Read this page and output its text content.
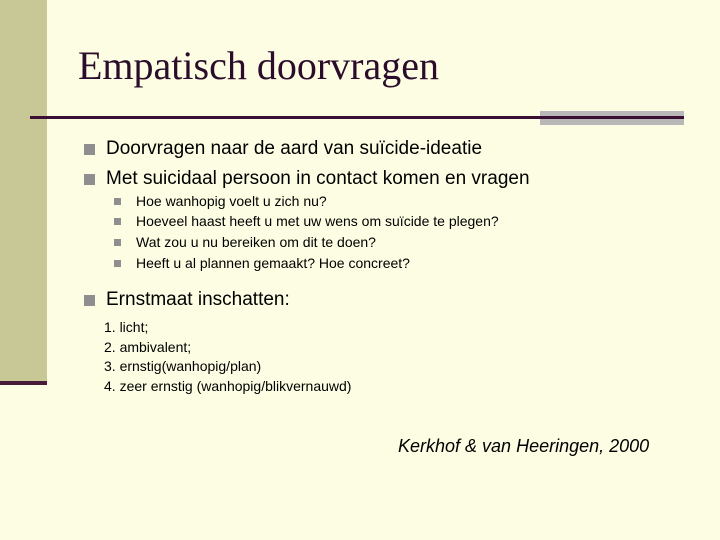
Empatisch doorvragen
Doorvragen naar de aard van suïcide-ideatie
Met suicidaal persoon in contact komen en vragen
Hoe wanhopig voelt u zich nu?
Hoeveel haast heeft u met uw wens om suïcide te plegen?
Wat zou u nu bereiken om dit te doen?
Heeft u al plannen gemaakt? Hoe concreet?
Ernstmaat inschatten:
1. licht;
2. ambivalent;
3. ernstig(wanhopig/plan)
4. zeer ernstig (wanhopig/blikvernauwd)
Kerkhof & van Heeringen, 2000
